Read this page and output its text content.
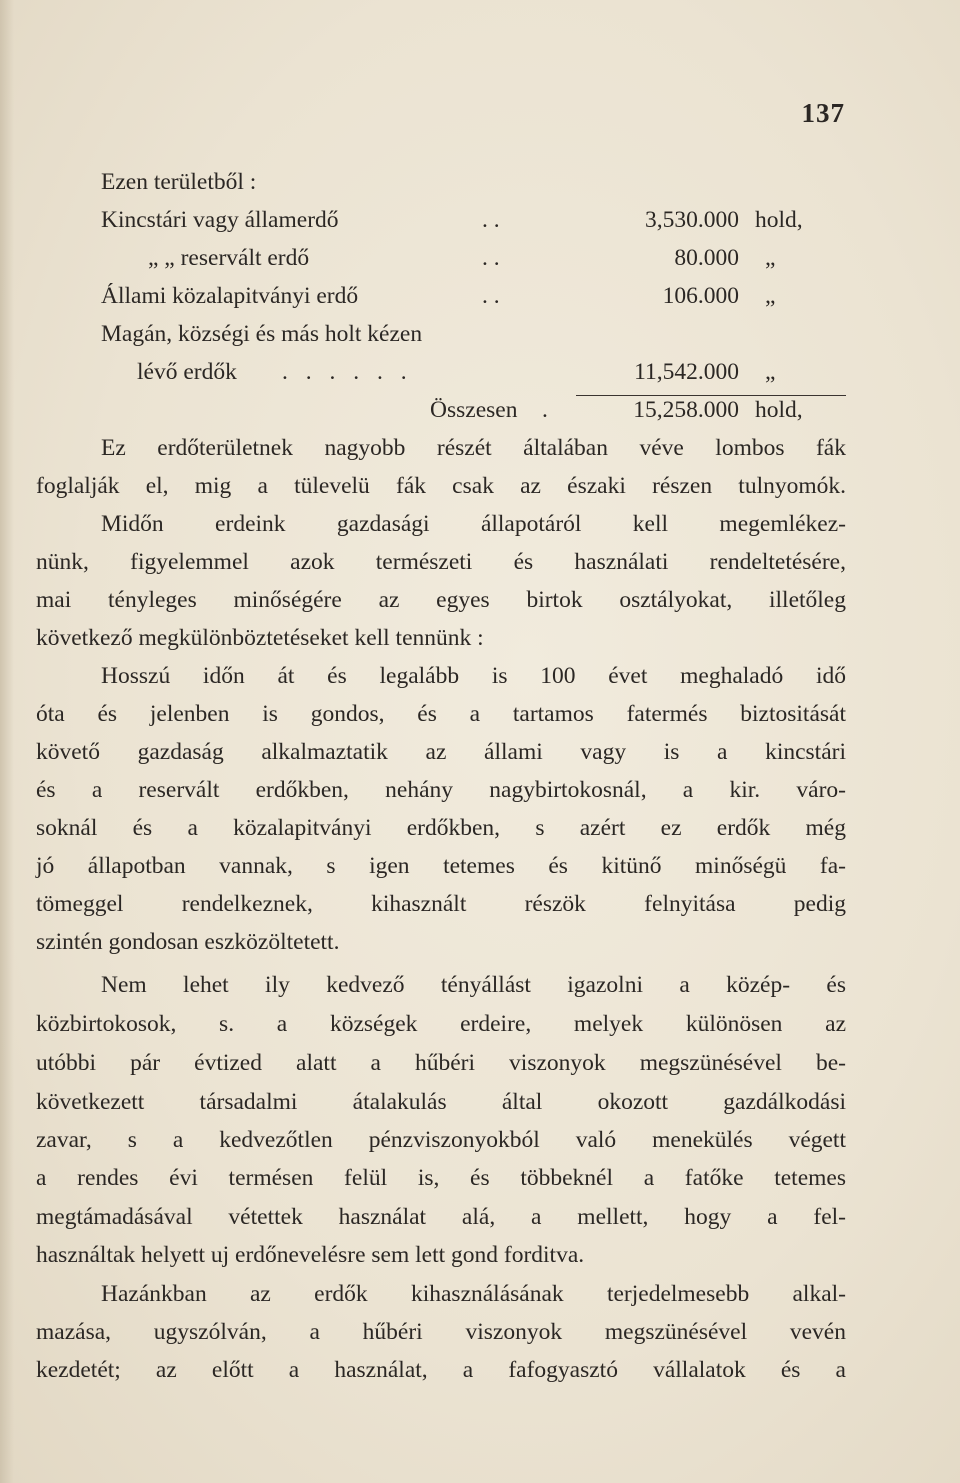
137
Ezen területből :
Kincstári vagy államerdő	. .	3,530.000 hold,
„ „ reservált erdő	. .	80.000 „
Állami közalapitványi erdő	. .	106.000 „
Magán, községi és más holt kézen
lévő erdők . . . . . .	11,542.000 „
Összesen .	15,258.000 hold,
Ez erdőterületnek nagyobb részét általában véve lombos fák
foglalják el, mig a tülevelü fák csak az északi részen tulnyomók.
Midőn erdeink gazdasági állapotáról kell megemlékez-
nünk, figyelemmel azok természeti és használati rendeltetésére,
mai tényleges minőségére az egyes birtok osztályokat, illetőleg
következő megkülönböztetéseket kell tennünk :
Hosszú időn át és legalább is 100 évet meghaladó idő
óta és jelenben is gondos, és a tartamos fatermés biztositását
követő gazdaság alkalmaztatik az állami vagy is a kincstári
és a reservált erdőkben, nehány nagybirtokosnál, a kir. váro-
soknál és a közalapitványi erdőkben, s azért ez erdők még
jó állapotban vannak, s igen tetemes és kitünő minőségü fa-
tömeggel rendelkeznek, kihasznált részök felnyitása pedig
szintén gondosan eszközöltetett.
Nem lehet ily kedvező tényállást igazolni a közép- és
közbirtokosok, s. a községek erdeire, melyek különösen az
utóbbi pár évtized alatt a hűbéri viszonyok megszünésével be-
következett társadalmi átalakulás által okozott gazdálkodási
zavar, s a kedvezőtlen pénzviszonyokból való menekülés végett
a rendes évi termésen felül is, és többeknél a fatőke tetemes
megtámadásával vétettek használat alá, a mellett, hogy a fel-
használtak helyett uj erdőnevelésre sem lett gond forditva.
Hazánkban az erdők kihasználásának terjedelmesebb alkal-
mazása, ugyszólván, a hűbéri viszonyok megszünésével vevén
kezdetét; az előtt a használat, a fafogyasztó vállalatok és a
